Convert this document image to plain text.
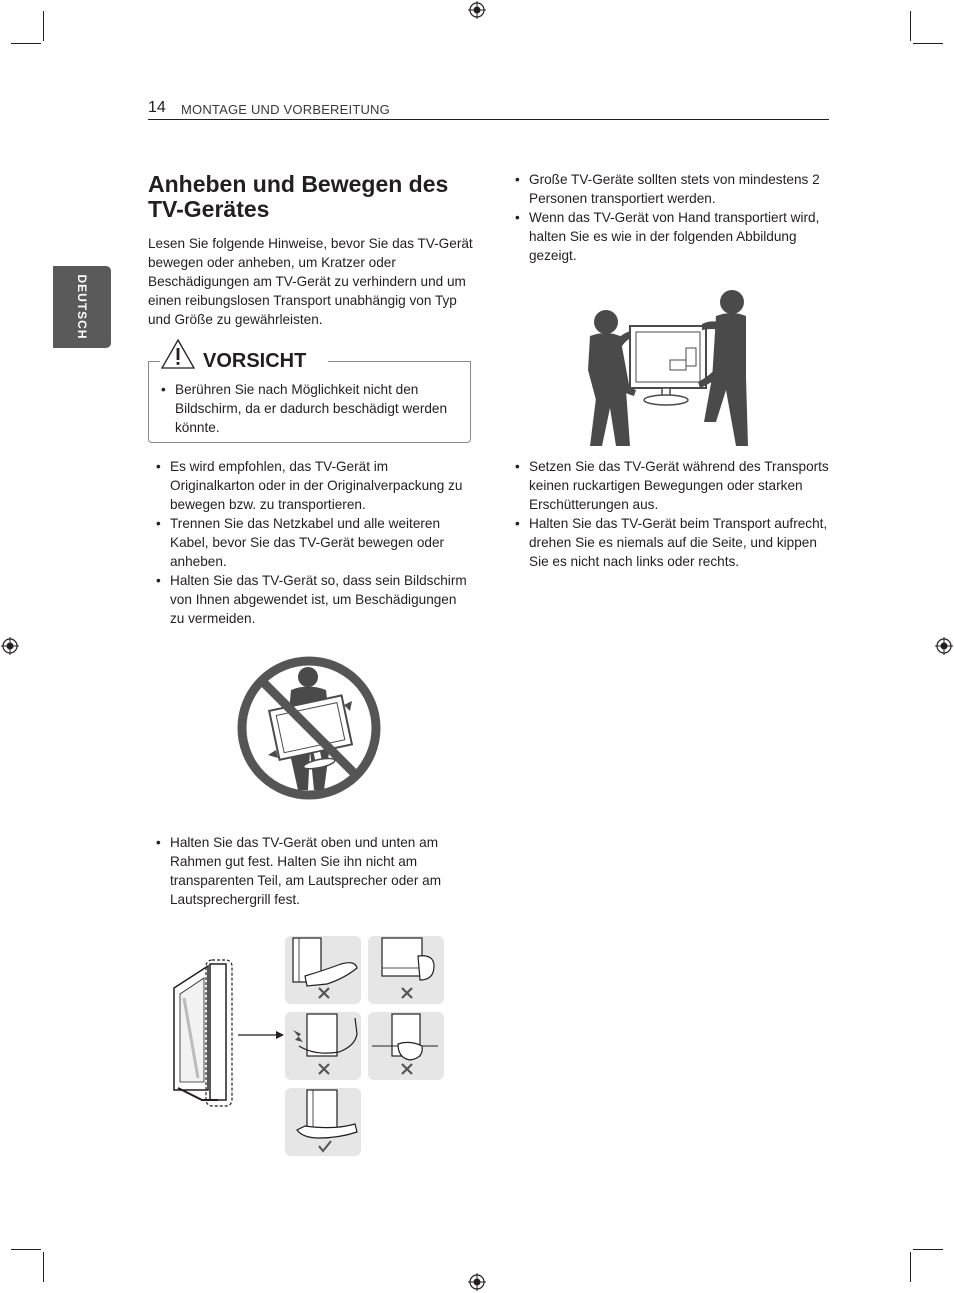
14 MONTAGE UND VORBEREITUNG
DEUTSCH
Anheben und Bewegen des TV-Gerätes
Lesen Sie folgende Hinweise, bevor Sie das TV-Gerät bewegen oder anheben, um Kratzer oder Beschädigungen am TV-Gerät zu verhindern und um einen reibungslosen Transport unabhängig von Typ und Größe zu gewährleisten.
VORSICHT
• Berühren Sie nach Möglichkeit nicht den Bildschirm, da er dadurch beschädigt werden könnte.
• Es wird empfohlen, das TV-Gerät im Originalkarton oder in der Originalverpackung zu bewegen bzw. zu transportieren.
• Trennen Sie das Netzkabel und alle weiteren Kabel, bevor Sie das TV-Gerät bewegen oder anheben.
• Halten Sie das TV-Gerät so, dass sein Bildschirm von Ihnen abgewendet ist, um Beschädigungen zu vermeiden.
• Halten Sie das TV-Gerät oben und unten am Rahmen gut fest. Halten Sie ihn nicht am transparenten Teil, am Lautsprecher oder am Lautsprechergrill fest.
• Große TV-Geräte sollten stets von mindestens 2 Personen transportiert werden.
• Wenn das TV-Gerät von Hand transportiert wird, halten Sie es wie in der folgenden Abbildung gezeigt.
• Setzen Sie das TV-Gerät während des Transports keinen ruckartigen Bewegungen oder starken Erschütterungen aus.
• Halten Sie das TV-Gerät beim Transport aufrecht, drehen Sie es niemals auf die Seite, und kippen Sie es nicht nach links oder rechts.
